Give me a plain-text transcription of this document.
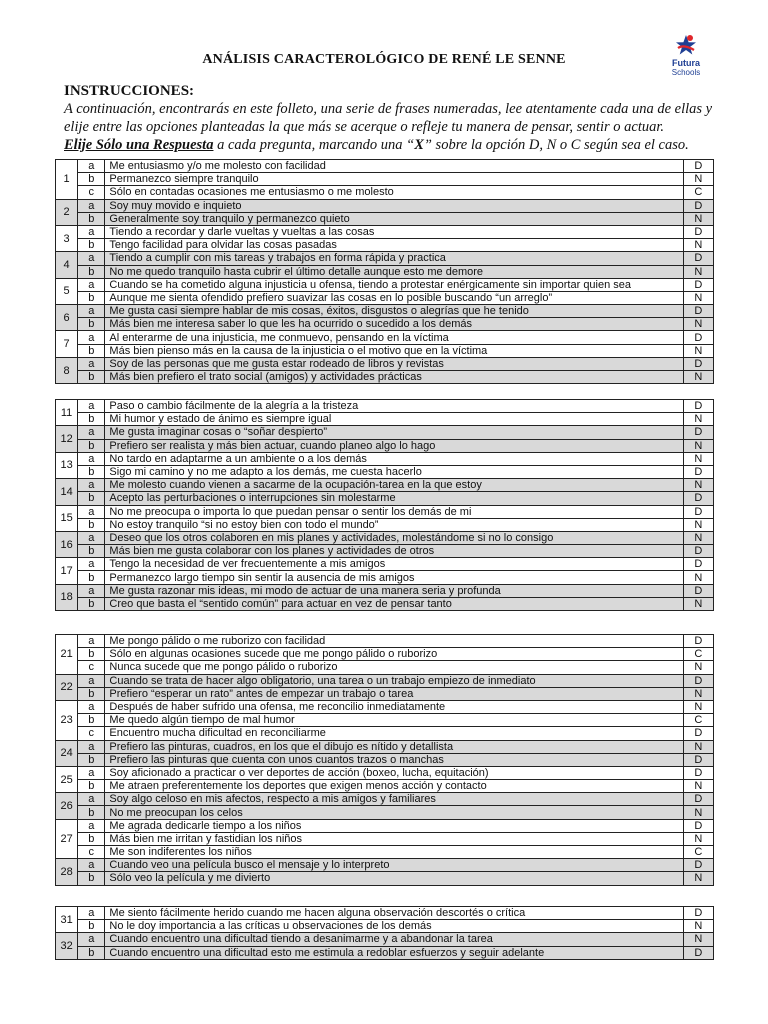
ANÁLISIS CARACTEROLÓGICO DE RENÉ LE SENNE	Futura
Schools
INSTRUCCIONES:
A continuación, encontrarás en este folleto, una serie de frases numeradas, lee atentamente cada una de ellas y elije entre las opciones planteadas la que más se acerque o refleje tu manera de pensar, sentir o actuar.
Elije Sólo una Respuesta a cada pregunta, marcando una “X” sobre la opción D, N o C según sea el caso.
1	a	Me entusiasmo y/o me molesto con facilidad	D
	b	Permanezco siempre tranquilo	N
	c	Sólo en contadas ocasiones me entusiasmo o me molesto	C
2	a	Soy muy movido e inquieto	D
	b	Generalmente soy tranquilo y permanezco quieto	N
3	a	Tiendo a recordar y darle vueltas y vueltas a las cosas	D
	b	Tengo facilidad para olvidar las cosas pasadas	N
4	a	Tiendo a cumplir con mis tareas y trabajos en forma rápida y practica	D
	b	No me quedo tranquilo hasta cubrir el último detalle aunque esto me demore	N
5	a	Cuando se ha cometido alguna injusticia u ofensa, tiendo a protestar enérgicamente sin importar quien sea	D
	b	Aunque me sienta ofendido prefiero suavizar las cosas en lo posible buscando “un arreglo”	N
6	a	Me gusta casi siempre hablar de mis cosas, éxitos, disgustos o alegrías que he tenido	D
	b	Más bien me interesa saber lo que les ha ocurrido o sucedido a los demás	N
7	a	Al enterarme de una injusticia, me conmuevo, pensando en la víctima	D
	b	Más bien pienso más en la causa de la injusticia o el motivo que en la víctima	N
8	a	Soy de las personas que me gusta estar rodeado de libros y revistas	D
	b	Más bien prefiero el trato social (amigos) y actividades prácticas	N
11	a	Paso o cambio fácilmente de la alegría a la tristeza	D
	b	Mi humor y estado de ánimo es siempre igual	N
12	a	Me gusta imaginar cosas o “soñar despierto”	D
	b	Prefiero ser realista y más bien actuar, cuando planeo algo lo hago	N
13	a	No tardo en adaptarme a un ambiente o a los demás	N
	b	Sigo mi camino y no me adapto a los demás, me cuesta hacerlo	D
14	a	Me molesto cuando vienen a sacarme de la ocupación-tarea en la que estoy	N
	b	Acepto las perturbaciones o interrupciones sin molestarme	D
15	a	No me preocupa o importa lo que puedan pensar o sentir los demás de mi	D
	b	No estoy tranquilo “si no estoy bien con todo el mundo”	N
16	a	Deseo que los otros colaboren en mis planes y actividades, molestándome si no lo consigo	N
	b	Más bien me gusta colaborar con los planes y actividades de otros	D
17	a	Tengo la necesidad de ver frecuentemente a mis amigos	D
	b	Permanezco largo tiempo sin sentir la ausencia de mis amigos	N
18	a	Me gusta razonar mis ideas, mi modo de actuar de una manera seria y profunda	D
	b	Creo que basta el “sentido común” para actuar en vez de pensar tanto	N
21	a	Me pongo pálido o me ruborizo con facilidad	D
	b	Sólo en algunas ocasiones sucede que me pongo pálido o ruborizo	C
	c	Nunca sucede que me pongo pálido o ruborizo	N
22	a	Cuando se trata de hacer algo obligatorio, una tarea o un trabajo empiezo de inmediato	D
	b	Prefiero “esperar un rato” antes de empezar un trabajo o tarea	N
23	a	Después de haber sufrido una ofensa, me reconcilio inmediatamente	N
	b	Me quedo algún tiempo de mal humor	C
	c	Encuentro mucha dificultad en reconciliarme	D
24	a	Prefiero las pinturas, cuadros, en los que el dibujo es nítido y detallista	N
	b	Prefiero las pinturas que cuenta con unos cuantos trazos o manchas	D
25	a	Soy aficionado a practicar o ver deportes de acción (boxeo, lucha, equitación)	D
	b	Me atraen preferentemente los deportes que exigen menos acción y contacto	N
26	a	Soy algo celoso en mis afectos, respecto a mis amigos y familiares	D
	b	No me preocupan los celos	N
27	a	Me agrada dedicarle tiempo a los niños	D
	b	Más bien me irritan y fastidian los niños	N
	c	Me son indiferentes los niños	C
28	a	Cuando veo una película busco el mensaje y lo interpreto	D
	b	Sólo veo la película y me divierto	N
31	a	Me siento fácilmente herido cuando me hacen alguna observación descortés o crítica	D
	b	No le doy importancia a las críticas u observaciones de los demás	N
32	a	Cuando encuentro una dificultad tiendo a desanimarme y a abandonar la tarea	N
	b	Cuando encuentro una dificultad esto me estimula a redoblar esfuerzos y seguir adelante	D
